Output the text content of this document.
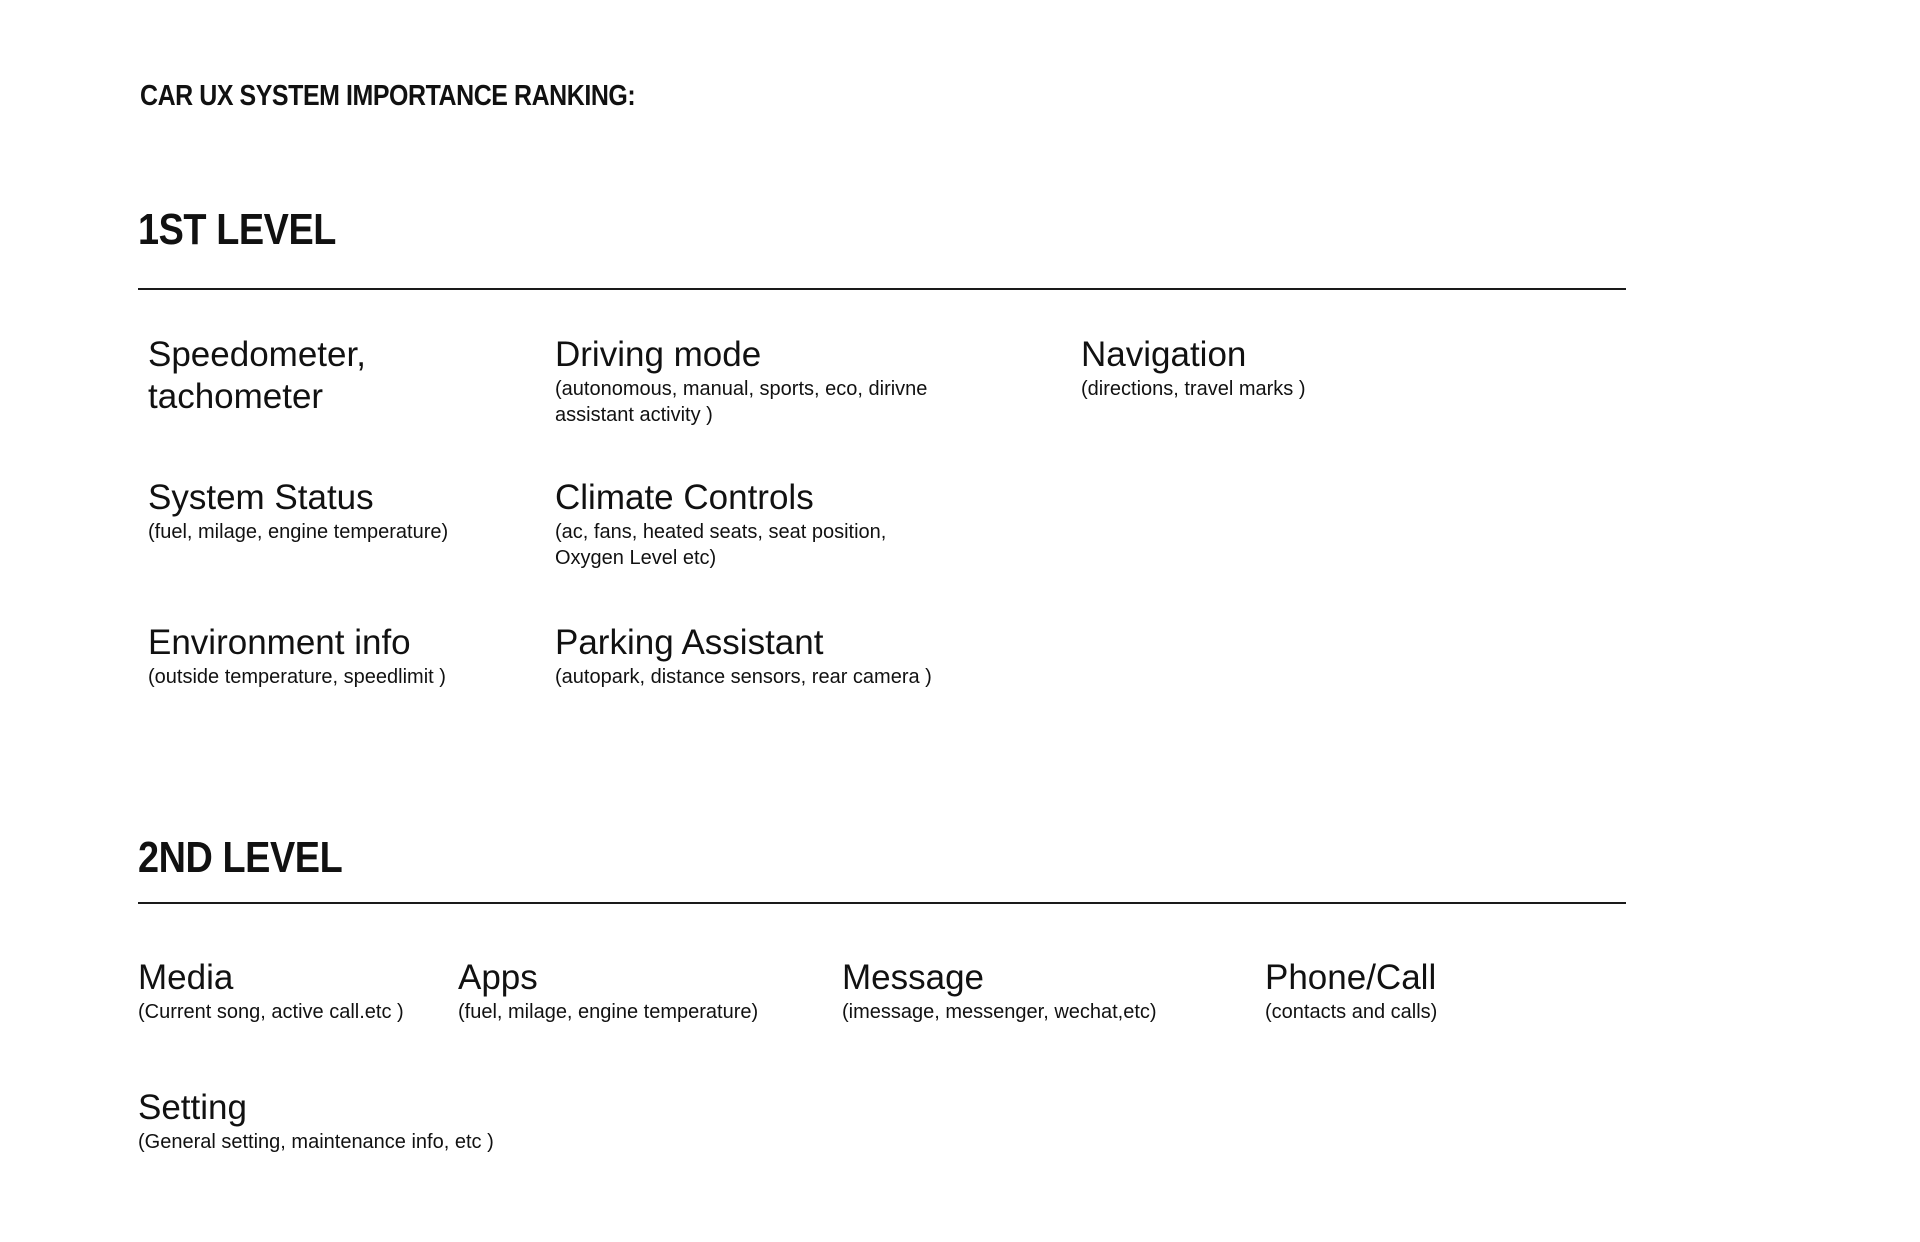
CAR UX SYSTEM IMPORTANCE RANKING:
1ST LEVEL
Speedometer,
tachometer
Driving mode
(autonomous, manual, sports, eco, dirivne
assistant activity )
Navigation
(directions, travel marks )
System Status
(fuel, milage, engine temperature)
Climate Controls
(ac, fans, heated seats, seat position,
Oxygen Level etc)
Environment info
(outside temperature, speedlimit )
Parking Assistant
(autopark, distance sensors, rear camera )
2ND LEVEL
Media
(Current song, active call.etc )
Apps
(fuel, milage, engine temperature)
Message
(imessage, messenger, wechat,etc)
Phone/Call
(contacts and calls)
Setting
(General setting, maintenance info, etc )
